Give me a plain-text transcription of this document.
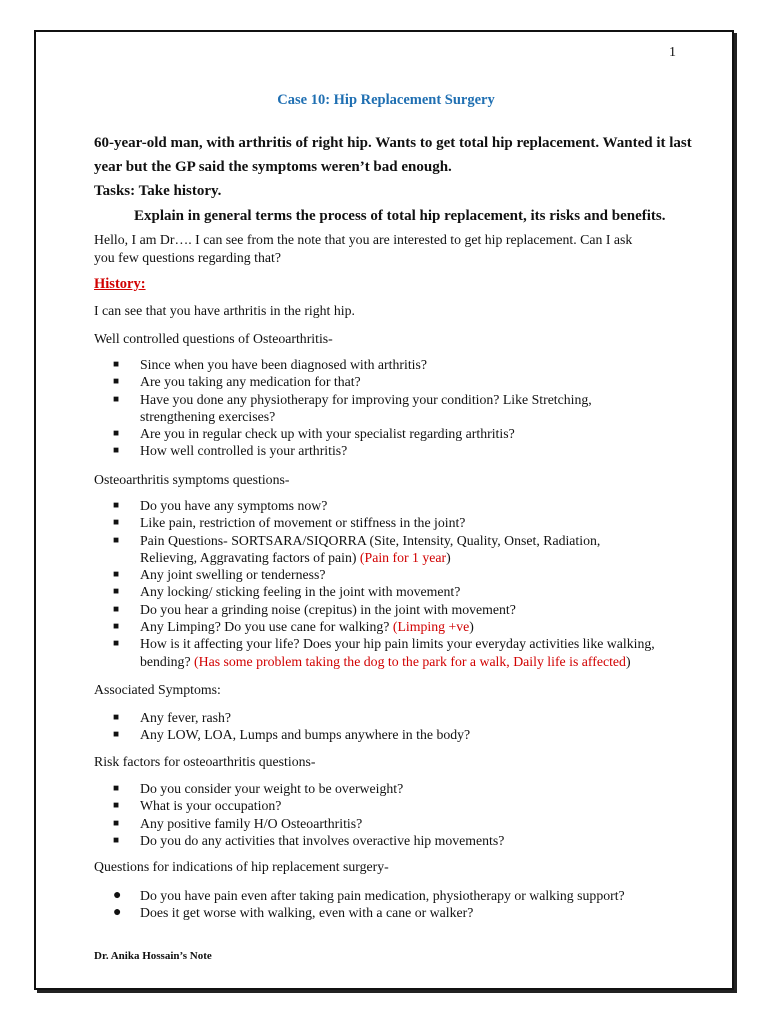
1
Case 10: Hip Replacement Surgery
60-year-old man, with arthritis of right hip. Wants to get total hip replacement. Wanted it last
year but the GP said the symptoms weren’t bad enough.
Tasks: Take history.
Explain in general terms the process of total hip replacement, its risks and benefits.
Hello, I am Dr…. I can see from the note that you are interested to get hip replacement. Can I ask
you few questions regarding that?
History:
I can see that you have arthritis in the right hip.
Well controlled questions of Osteoarthritis-
■ Since when you have been diagnosed with arthritis?
■ Are you taking any medication for that?
■ Have you done any physiotherapy for improving your condition? Like Stretching,
strengthening exercises?
■ Are you in regular check up with your specialist regarding arthritis?
■ How well controlled is your arthritis?
Osteoarthritis symptoms questions-
■ Do you have any symptoms now?
■ Like pain, restriction of movement or stiffness in the joint?
■ Pain Questions- SORTSARA/SIQORRA (Site, Intensity, Quality, Onset, Radiation,
Relieving, Aggravating factors of pain) (Pain for 1 year)
■ Any joint swelling or tenderness?
■ Any locking/ sticking feeling in the joint with movement?
■ Do you hear a grinding noise (crepitus) in the joint with movement?
■ Any Limping? Do you use cane for walking? (Limping +ve)
■ How is it affecting your life? Does your hip pain limits your everyday activities like walking,
bending? (Has some problem taking the dog to the park for a walk, Daily life is affected)
Associated Symptoms:
■ Any fever, rash?
■ Any LOW, LOA, Lumps and bumps anywhere in the body?
Risk factors for osteoarthritis questions-
■ Do you consider your weight to be overweight?
■ What is your occupation?
■ Any positive family H/O Osteoarthritis?
■ Do you do any activities that involves overactive hip movements?
Questions for indications of hip replacement surgery-
● Do you have pain even after taking pain medication, physiotherapy or walking support?
● Does it get worse with walking, even with a cane or walker?
Dr. Anika Hossain’s Note
